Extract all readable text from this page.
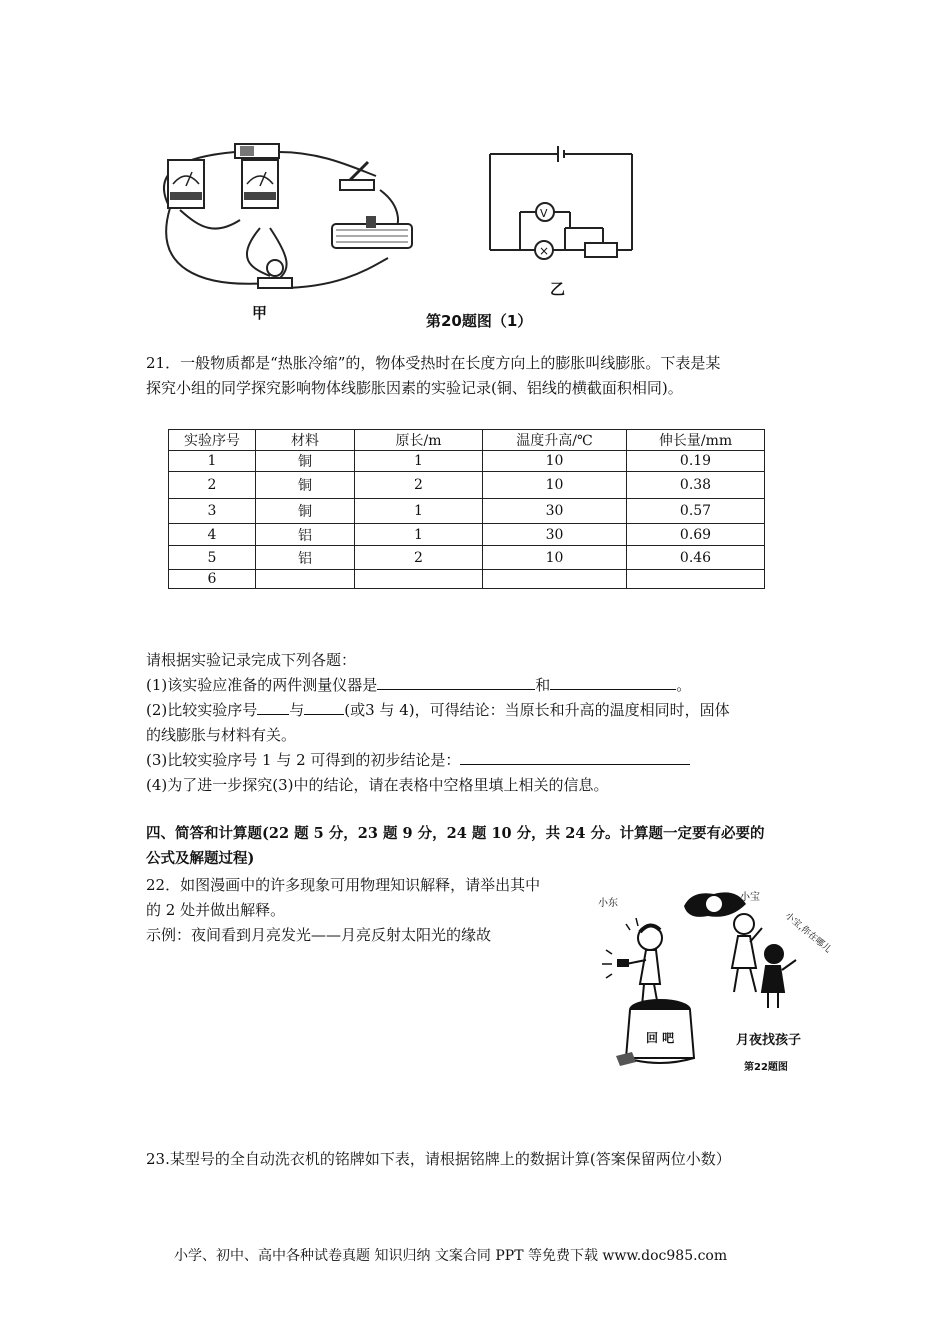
甲
V
×
乙
第20题图（1）
21．一般物质都是“热胀冷缩”的，物体受热时在长度方向上的膨胀叫线膨胀。下表是某
探究小组的同学探究影响物体线膨胀因素的实验记录(铜、铝线的横截面积相同)。
实验序号	材料	原长/m	温度升高/℃	伸长量/mm
1	铜	1	10	0.19
2	铜	2	10	0.38
3	铜	1	30	0.57
4	铝	1	30	0.69
5	铝	2	10	0.46
6				
请根据实验记录完成下列各题：
(1)该实验应准备的两件测量仪器是	和	。
(2)比较实验序号 与	(或3 与 4)，可得结论：当原长和升高的温度相同时，固体
的线膨胀与材料有关。
(3)比较实验序号 1 与 2 可得到的初步结论是：
(4)为了进一步探究(3)中的结论，请在表格中空格里填上相关的信息。
四、简答和计算题(22 题 5 分，23 题 9 分，24 题 10 分，共 24 分。计算题一定要有必要的
公式及解题过程)
22．如图漫画中的许多现象可用物理知识解释，请举出其中
的 2 处并做出解释。
示例：夜间看到月亮发光——月亮反射太阳光的缘故
小东
小宝
小宝,你在哪儿
回 吧	月夜找孩子
第22题图
23.某型号的全自动洗衣机的铭牌如下表，请根据铭牌上的数据计算(答案保留两位小数）
小学、初中、高中各种试卷真题 知识归纳 文案合同 PPT 等免费下载 www.doc985.com
